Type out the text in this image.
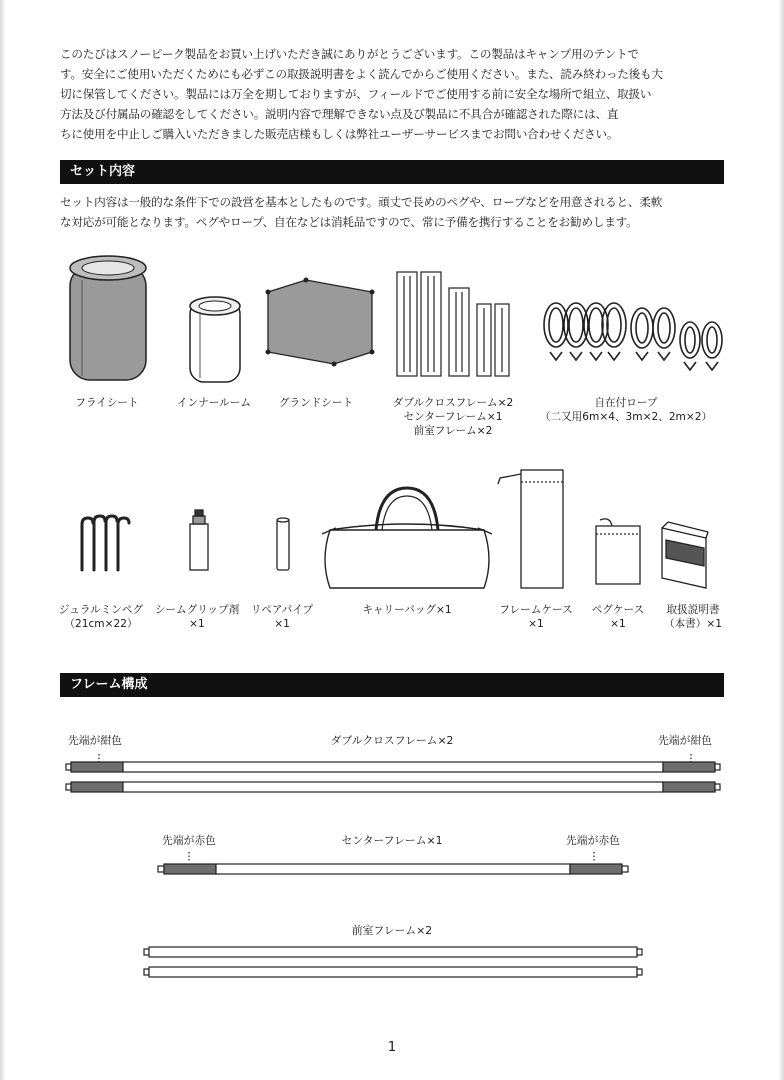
このたびはスノーピーク製品をお買い上げいただき誠にありがとうございます。この製品はキャンプ用のテントで
す。安全にご使用いただくためにも必ずこの取扱説明書をよく読んでからご使用ください。また、読み終わった後も大
切に保管してください。製品には万全を期しておりますが、フィールドでご使用する前に安全な場所で組立、取扱い
方法及び付属品の確認をしてください。説明内容で理解できない点及び製品に不具合が確認された際には、直
ちに使用を中止しご購入いただきました販売店様もしくは弊社ユーザーサービスまでお問い合わせください。
セット内容
セット内容は一般的な条件下での設営を基本としたものです。頑丈で長めのペグや、ロープなどを用意されると、柔軟
な対応が可能となります。ペグやロープ、自在などは消耗品ですので、常に予備を携行することをお勧めします。
フライシート	インナールーム	グランドシート	ダブルクロスフレーム×2
センターフレーム×1
前室フレーム×2
自在付ロープ
（二又用6m×4、3m×2、2m×2）
ジュラルミンペグ
（21cm×22）
シームグリップ剤
×1
リペアパイプ
×1
キャリーバッグ×1	フレームケース
×1
ペグケース
×1
取扱説明書
（本書）×1
フレーム構成
先端が紺色	ダブルクロスフレーム×2	先端が紺色
先端が赤色	センターフレーム×1	先端が赤色
前室フレーム×2
1
